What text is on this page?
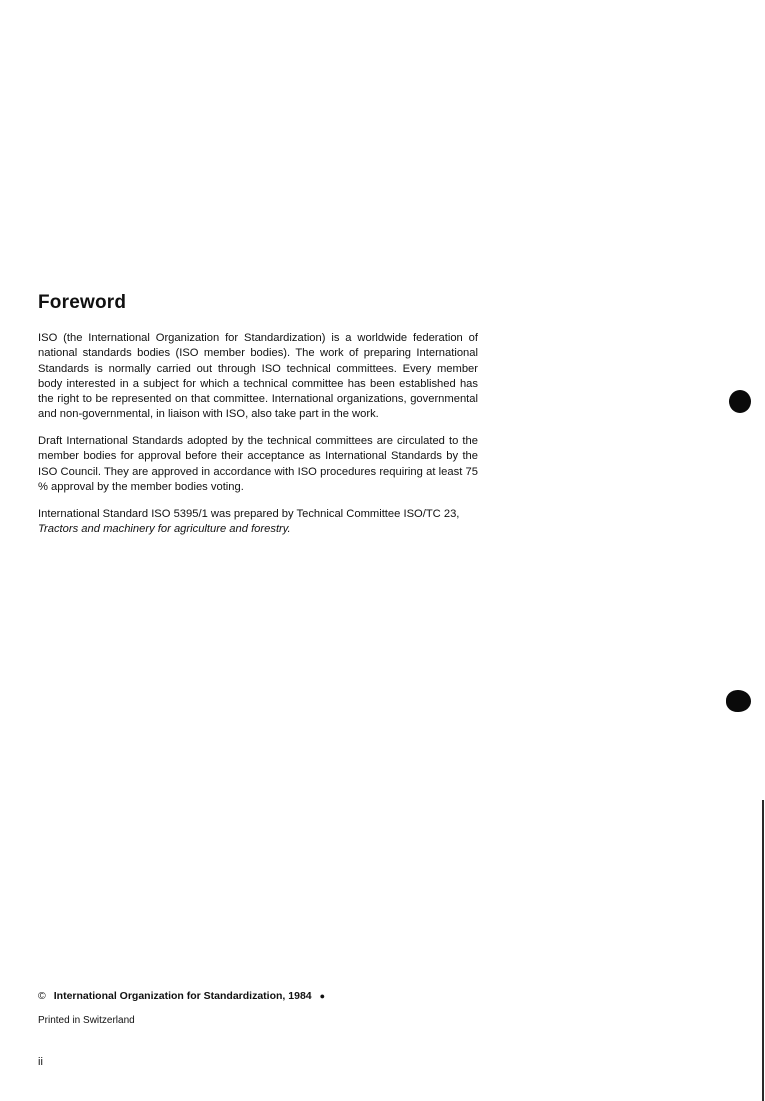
Foreword

ISO (the International Organization for Standardization) is a worldwide federation of national standards bodies (ISO member bodies). The work of preparing International Standards is normally carried out through ISO technical committees. Every member body interested in a subject for which a technical committee has been established has the right to be represented on that committee. International organizations, governmental and non-governmental, in liaison with ISO, also take part in the work.

Draft International Standards adopted by the technical committees are circulated to the member bodies for approval before their acceptance as International Standards by the ISO Council. They are approved in accordance with ISO procedures requiring at least 75 % approval by the member bodies voting.

International Standard ISO 5395/1 was prepared by Technical Committee ISO/TC 23,
Tractors and machinery for agriculture and forestry.

© International Organization for Standardization, 1984 ●
Printed in Switzerland
ii
